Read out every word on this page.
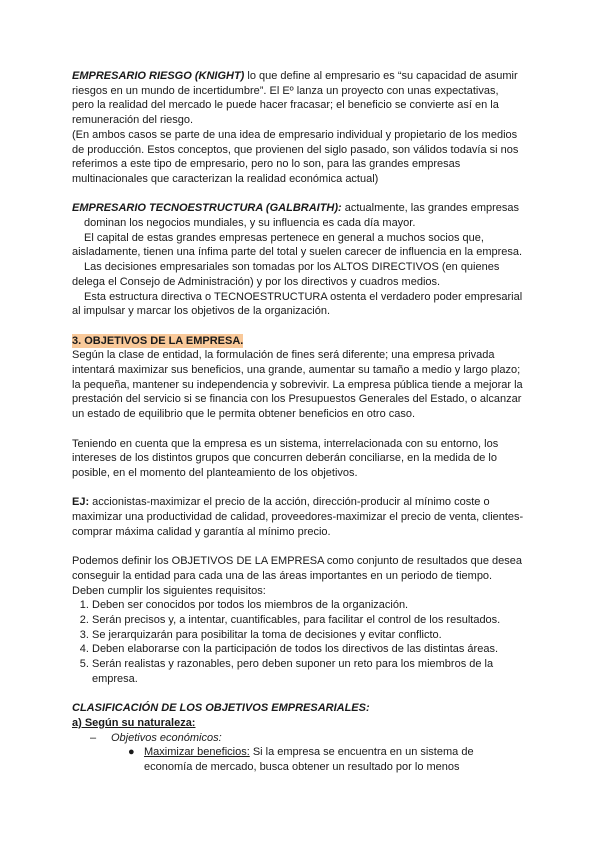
EMPRESARIO RIESGO (KNIGHT) lo que define al empresario es “su capacidad de asumir

riesgos en un mundo de incertidumbre”. El Eº lanza un proyecto con unas expectativas,

pero la realidad del mercado le puede hacer fracasar; el beneficio se convierte así en la

remuneración del riesgo.

(En ambos casos se parte de una idea de empresario individual y propietario de los medios

de producción. Estos conceptos, que provienen del siglo pasado, son válidos todavía si nos

referimos a este tipo de empresario, pero no lo son, para las grandes empresas

multinacionales que caracterizan la realidad económica actual)

EMPRESARIO TECNOESTRUCTURA (GALBRAITH): actualmente, las grandes empresas

dominan los negocios mundiales, y su influencia es cada día mayor.

El capital de estas grandes empresas pertenece en general a muchos socios que,

aisladamente, tienen una ínfima parte del total y suelen carecer de influencia en la empresa.

Las decisiones empresariales son tomadas por los ALTOS DIRECTIVOS (en quienes

delega el Consejo de Administración) y por los directivos y cuadros medios.

Esta estructura directiva o TECNOESTRUCTURA ostenta el verdadero poder empresarial

al impulsar y marcar los objetivos de la organización.

3. OBJETIVOS DE LA EMPRESA.

Según la clase de entidad, la formulación de fines será diferente; una empresa privada

intentará maximizar sus beneficios, una grande, aumentar su tamaño a medio y largo plazo;

la pequeña, mantener su independencia y sobrevivir. La empresa pública tiende a mejorar la

prestación del servicio si se financia con los Presupuestos Generales del Estado, o alcanzar

un estado de equilibrio que le permita obtener beneficios en otro caso.

Teniendo en cuenta que la empresa es un sistema, interrelacionada con su entorno, los

intereses de los distintos grupos que concurren deberán conciliarse, en la medida de lo

posible, en el momento del planteamiento de los objetivos.

EJ: accionistas-maximizar el precio de la acción, dirección-producir al mínimo coste o

maximizar una productividad de calidad, proveedores-maximizar el precio de venta, clientes-

comprar máxima calidad y garantía al mínimo precio.

Podemos definir los OBJETIVOS DE LA EMPRESA como conjunto de resultados que desea

conseguir la entidad para cada una de las áreas importantes en un periodo de tiempo.

Deben cumplir los siguientes requisitos:

1. Deben ser conocidos por todos los miembros de la organización.
2. Serán precisos y, a intentar, cuantificables, para facilitar el control de los resultados.
3. Se jerarquizarán para posibilitar la toma de decisiones y evitar conflicto.
4. Deben elaborarse con la participación de todos los directivos de las distintas áreas.
5. Serán realistas y razonables, pero deben suponer un reto para los miembros de la empresa.

CLASIFICACIÓN DE LOS OBJETIVOS EMPRESARIALES:

a) Según su naturaleza:

– Objetivos económicos:

● Maximizar beneficios: Si la empresa se encuentra en un sistema de

economía de mercado, busca obtener un resultado por lo menos
